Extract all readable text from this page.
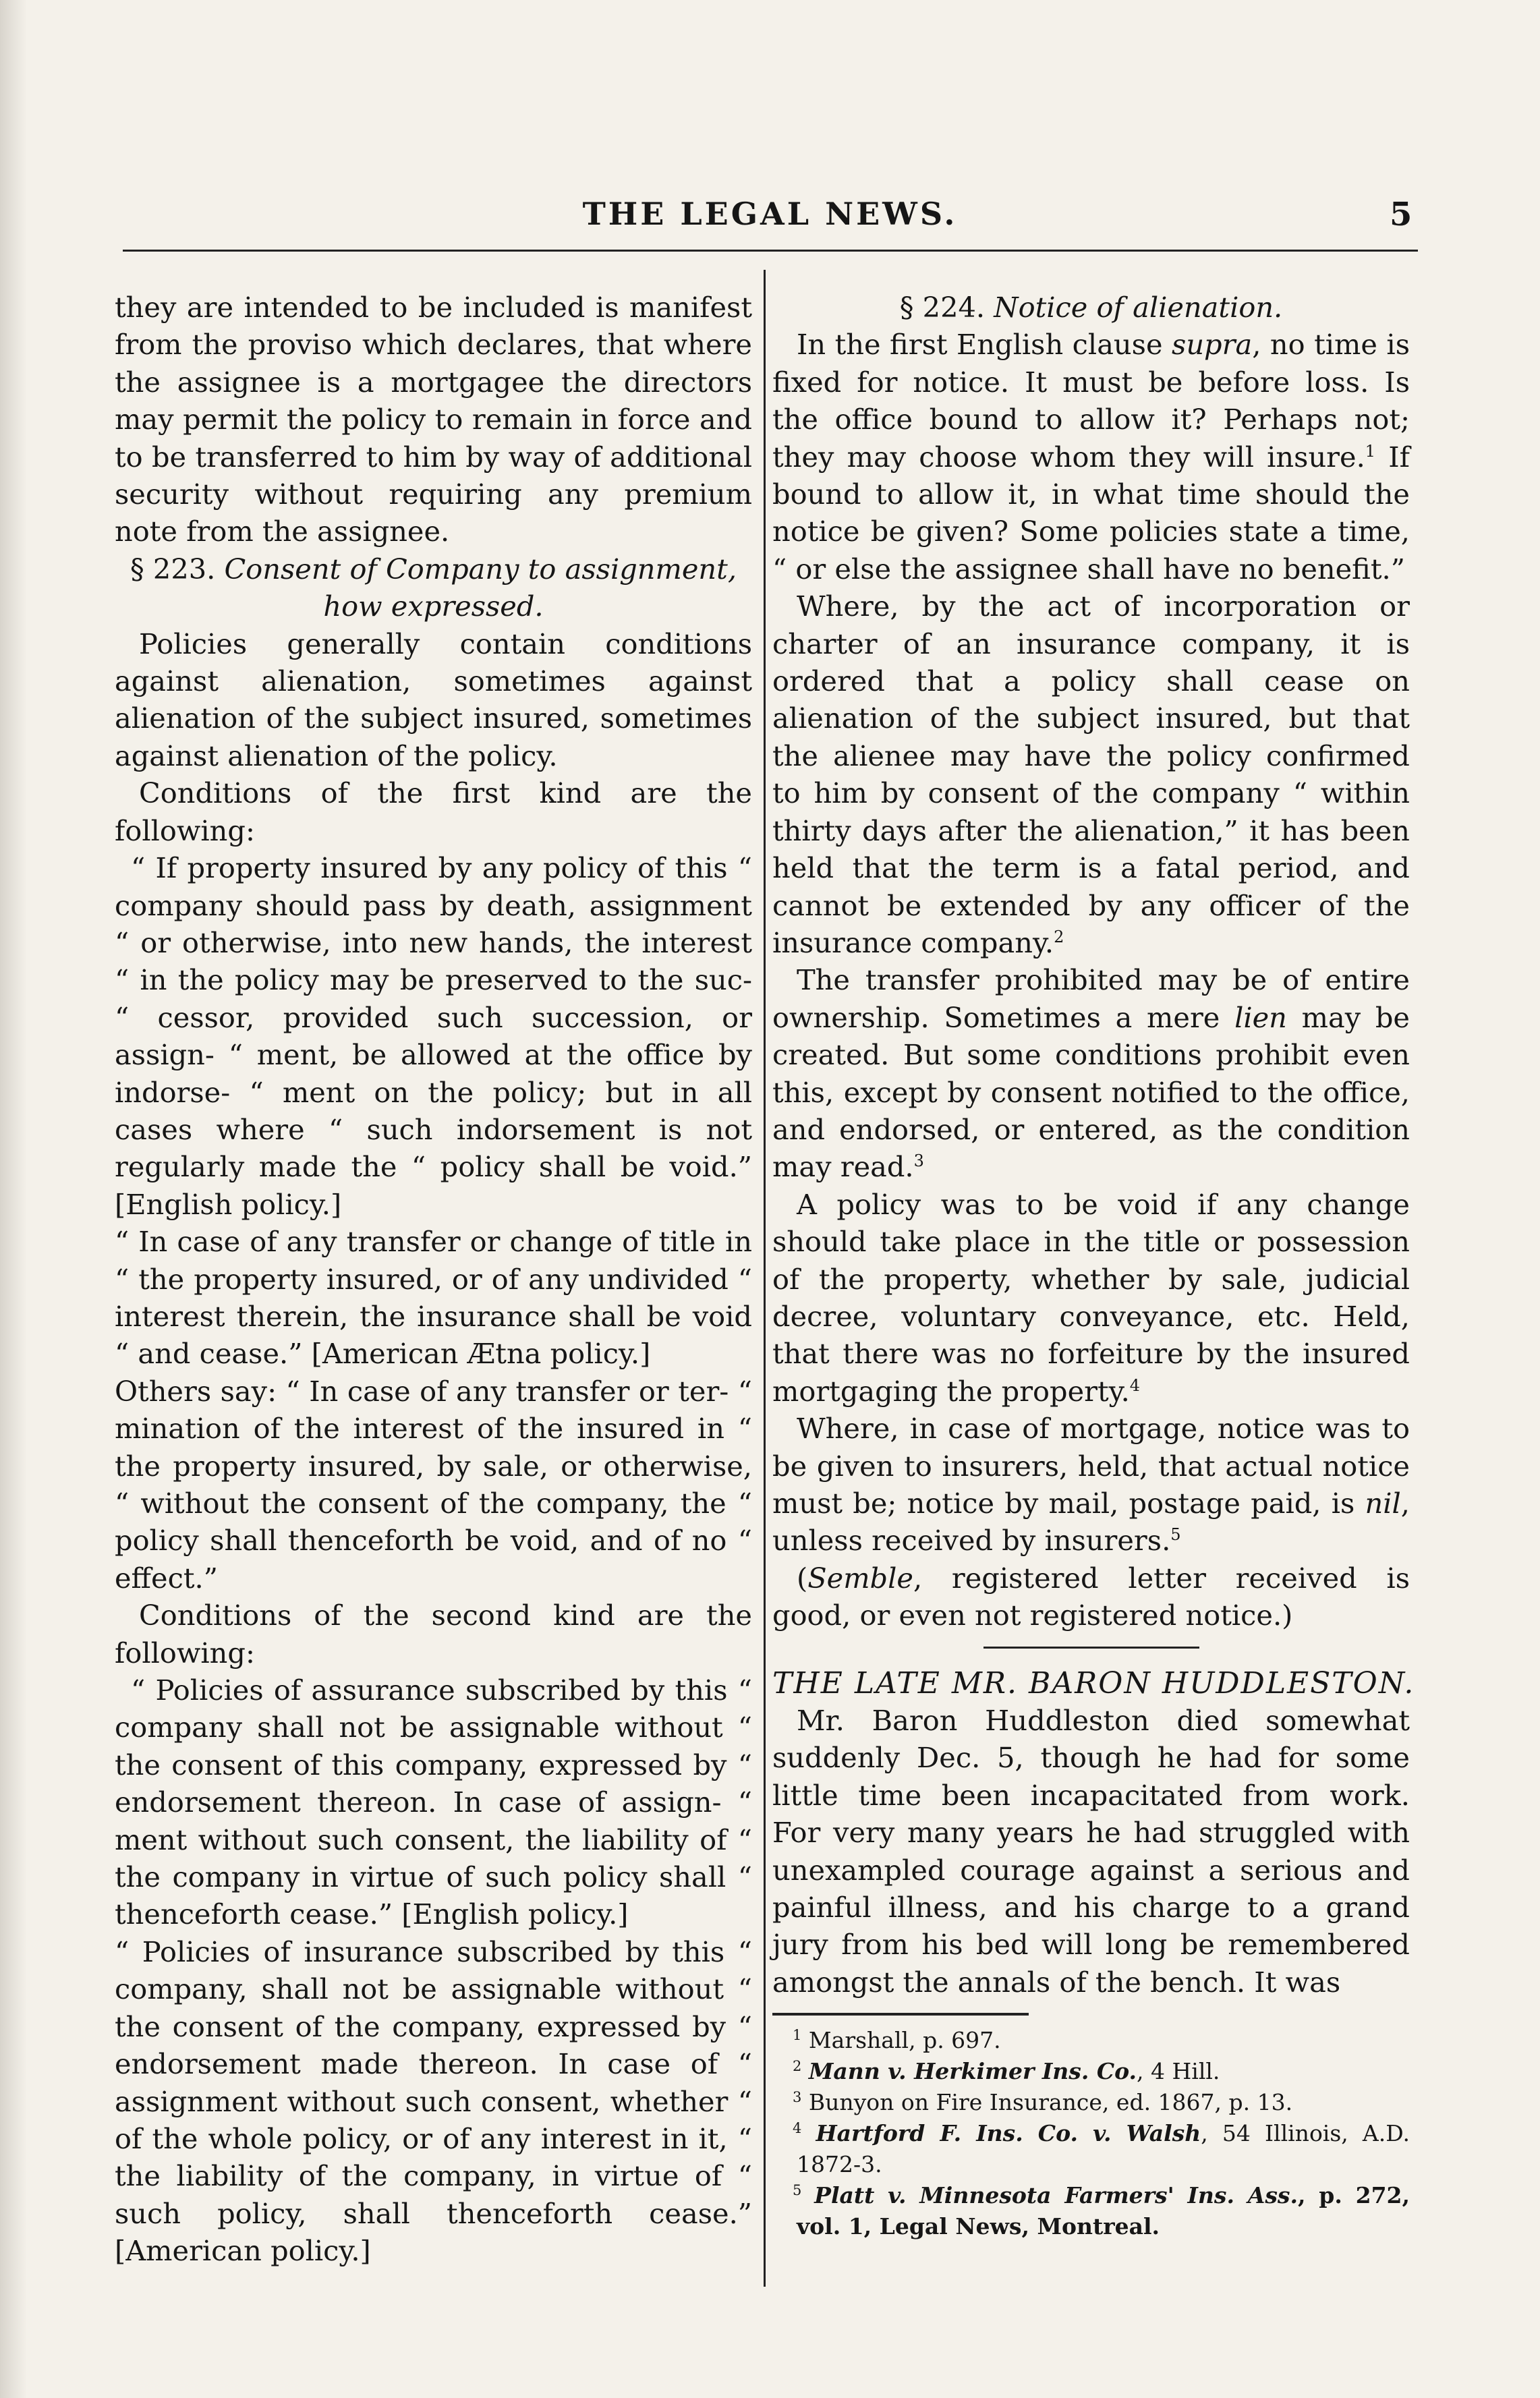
THE LEGAL NEWS.	5

they are intended to be included is manifest from the proviso which declares, that where the assignee is a mortgagee the directors may permit the policy to remain in force and to be transferred to him by way of additional security without requiring any premium note from the assignee.

§ 223. Consent of Company to assignment, how expressed.

Policies generally contain conditions against alienation, sometimes against alienation of the subject insured, sometimes against alienation of the policy.

Conditions of the first kind are the following:

“ If property insured by any policy of this “ company should pass by death, assignment “ or otherwise, into new hands, the interest “ in the policy may be preserved to the suc- “ cessor, provided such succession, or assign- “ ment, be allowed at the office by indorse- “ ment on the policy; but in all cases where “ such indorsement is not regularly made the “ policy shall be void.” [English policy.]

“ In case of any transfer or change of title in “ the property insured, or of any undivided “ interest therein, the insurance shall be void “ and cease.” [American Ætna policy.]

Others say: “ In case of any transfer or ter- “ mination of the interest of the insured in “ the property insured, by sale, or otherwise, “ without the consent of the company, the “ policy shall thenceforth be void, and of no “ effect.”

Conditions of the second kind are the following:

“ Policies of assurance subscribed by this “ company shall not be assignable without “ the consent of this company, expressed by “ endorsement thereon. In case of assign- “ ment without such consent, the liability of “ the company in virtue of such policy shall “ thenceforth cease.” [English policy.]

“ Policies of insurance subscribed by this “ company, shall not be assignable without “ the consent of the company, expressed by “ endorsement made thereon. In case of “ assignment without such consent, whether “ of the whole policy, or of any interest in it, “ the liability of the company, in virtue of “ such policy, shall thenceforth cease.” [American policy.]

§ 224. Notice of alienation.

In the first English clause supra, no time is fixed for notice. It must be before loss. Is the office bound to allow it? Perhaps not; they may choose whom they will insure.$^1$ If bound to allow it, in what time should the notice be given? Some policies state a time, “ or else the assignee shall have no benefit.”

Where, by the act of incorporation or charter of an insurance company, it is ordered that a policy shall cease on alienation of the subject insured, but that the alienee may have the policy confirmed to him by consent of the company “ within thirty days after the alienation,” it has been held that the term is a fatal period, and cannot be extended by any officer of the insurance company.$^2$

The transfer prohibited may be of entire ownership. Sometimes a mere lien may be created. But some conditions prohibit even this, except by consent notified to the office, and endorsed, or entered, as the condition may read.$^3$

A policy was to be void if any change should take place in the title or possession of the property, whether by sale, judicial decree, voluntary conveyance, etc. Held, that there was no forfeiture by the insured mortgaging the property.$^4$

Where, in case of mortgage, notice was to be given to insurers, held, that actual notice must be; notice by mail, postage paid, is nil, unless received by insurers.$^5$

(Semble, registered letter received is good, or even not registered notice.)

THE LATE MR. BARON HUDDLESTON.

Mr. Baron Huddleston died somewhat suddenly Dec. 5, though he had for some little time been incapacitated from work. For very many years he had struggled with unexampled courage against a serious and painful illness, and his charge to a grand jury from his bed will long be remembered amongst the annals of the bench. It was

$^1$ Marshall, p. 697.
$^2$ Mann v. Herkimer Ins. Co., 4 Hill.
$^3$ Bunyon on Fire Insurance, ed. 1867, p. 13.
$^4$ Hartford F. Ins. Co. v. Walsh, 54 Illinois, A.D. 1872-3.
$^5$ Platt v. Minnesota Farmers' Ins. Ass., p. 272, vol. 1, Legal News, Montreal.
